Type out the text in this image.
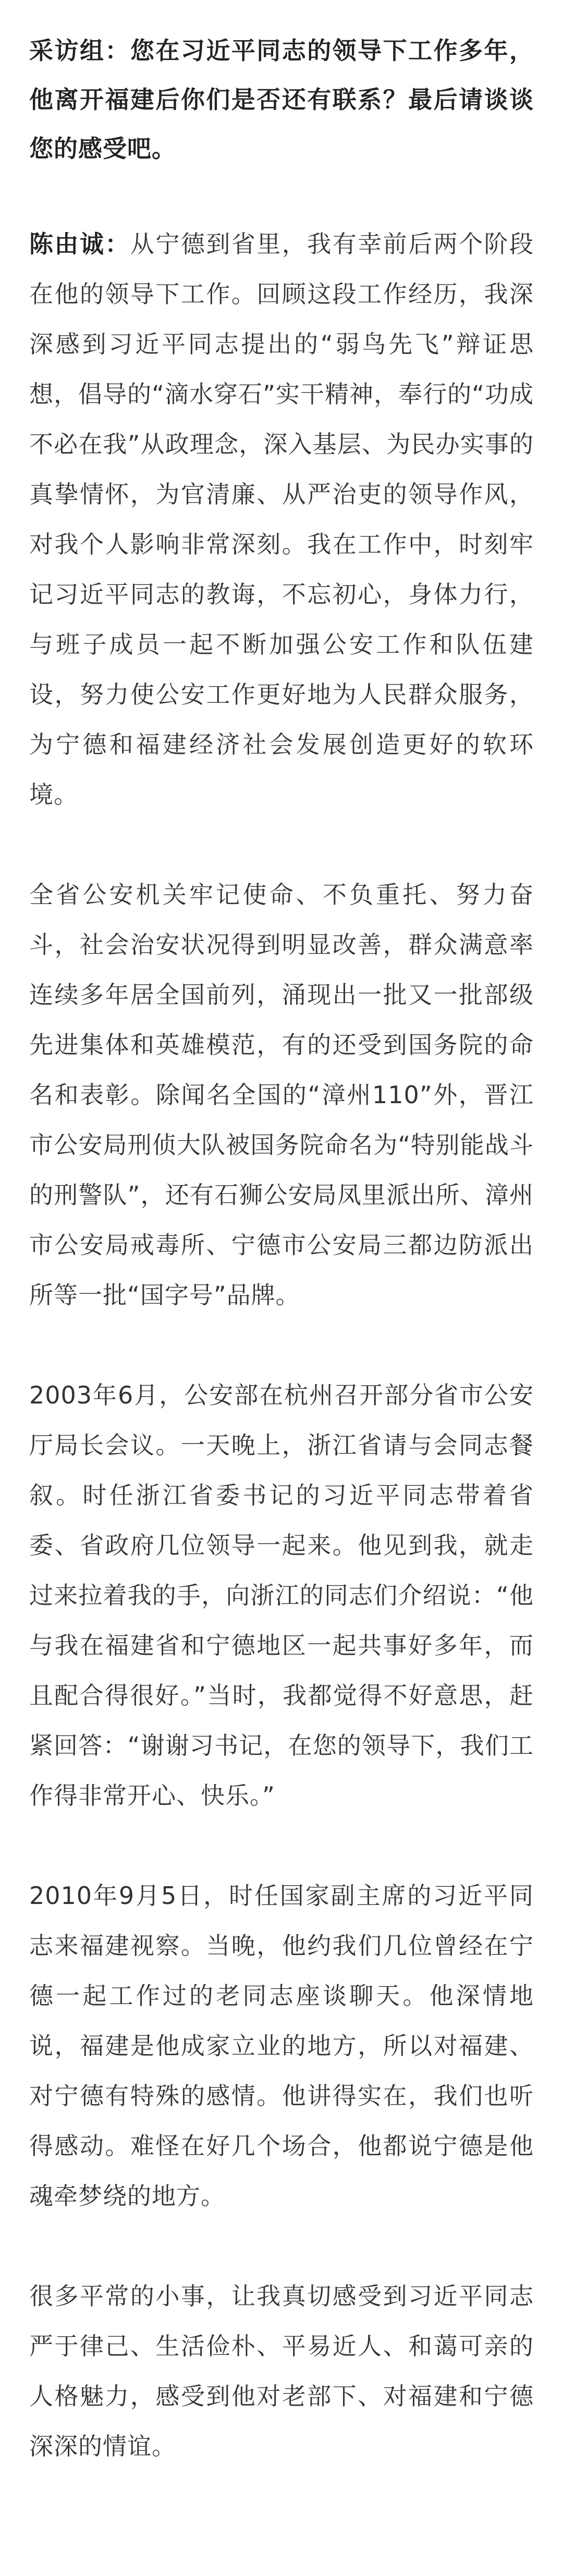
采访组：您在习近平同志的领导下工作多年，他离开福建后你们是否还有联系？最后请谈谈您的感受吧。

陈由诚：从宁德到省里，我有幸前后两个阶段在他的领导下工作。回顾这段工作经历，我深深感到习近平同志提出的“弱鸟先飞”辩证思想，倡导的“滴水穿石”实干精神，奉行的“功成不必在我”从政理念，深入基层、为民办实事的真挚情怀，为官清廉、从严治吏的领导作风，对我个人影响非常深刻。我在工作中，时刻牢记习近平同志的教诲，不忘初心，身体力行，与班子成员一起不断加强公安工作和队伍建设，努力使公安工作更好地为人民群众服务，为宁德和福建经济社会发展创造更好的软环境。

全省公安机关牢记使命、不负重托、努力奋斗，社会治安状况得到明显改善，群众满意率连续多年居全国前列，涌现出一批又一批部级先进集体和英雄模范，有的还受到国务院的命名和表彰。除闻名全国的“漳州110”外，晋江市公安局刑侦大队被国务院命名为“特别能战斗的刑警队”，还有石狮公安局凤里派出所、漳州市公安局戒毒所、宁德市公安局三都边防派出所等一批“国字号”品牌。

2003年6月，公安部在杭州召开部分省市公安厅局长会议。一天晚上，浙江省请与会同志餐叙。时任浙江省委书记的习近平同志带着省委、省政府几位领导一起来。他见到我，就走过来拉着我的手，向浙江的同志们介绍说：“他与我在福建省和宁德地区一起共事好多年，而且配合得很好。”当时，我都觉得不好意思，赶紧回答：“谢谢习书记，在您的领导下，我们工作得非常开心、快乐。”

2010年9月5日，时任国家副主席的习近平同志来福建视察。当晚，他约我们几位曾经在宁德一起工作过的老同志座谈聊天。他深情地说，福建是他成家立业的地方，所以对福建、对宁德有特殊的感情。他讲得实在，我们也听得感动。难怪在好几个场合，他都说宁德是他魂牵梦绕的地方。

很多平常的小事，让我真切感受到习近平同志严于律己、生活俭朴、平易近人、和蔼可亲的人格魅力，感受到他对老部下、对福建和宁德深深的情谊。
